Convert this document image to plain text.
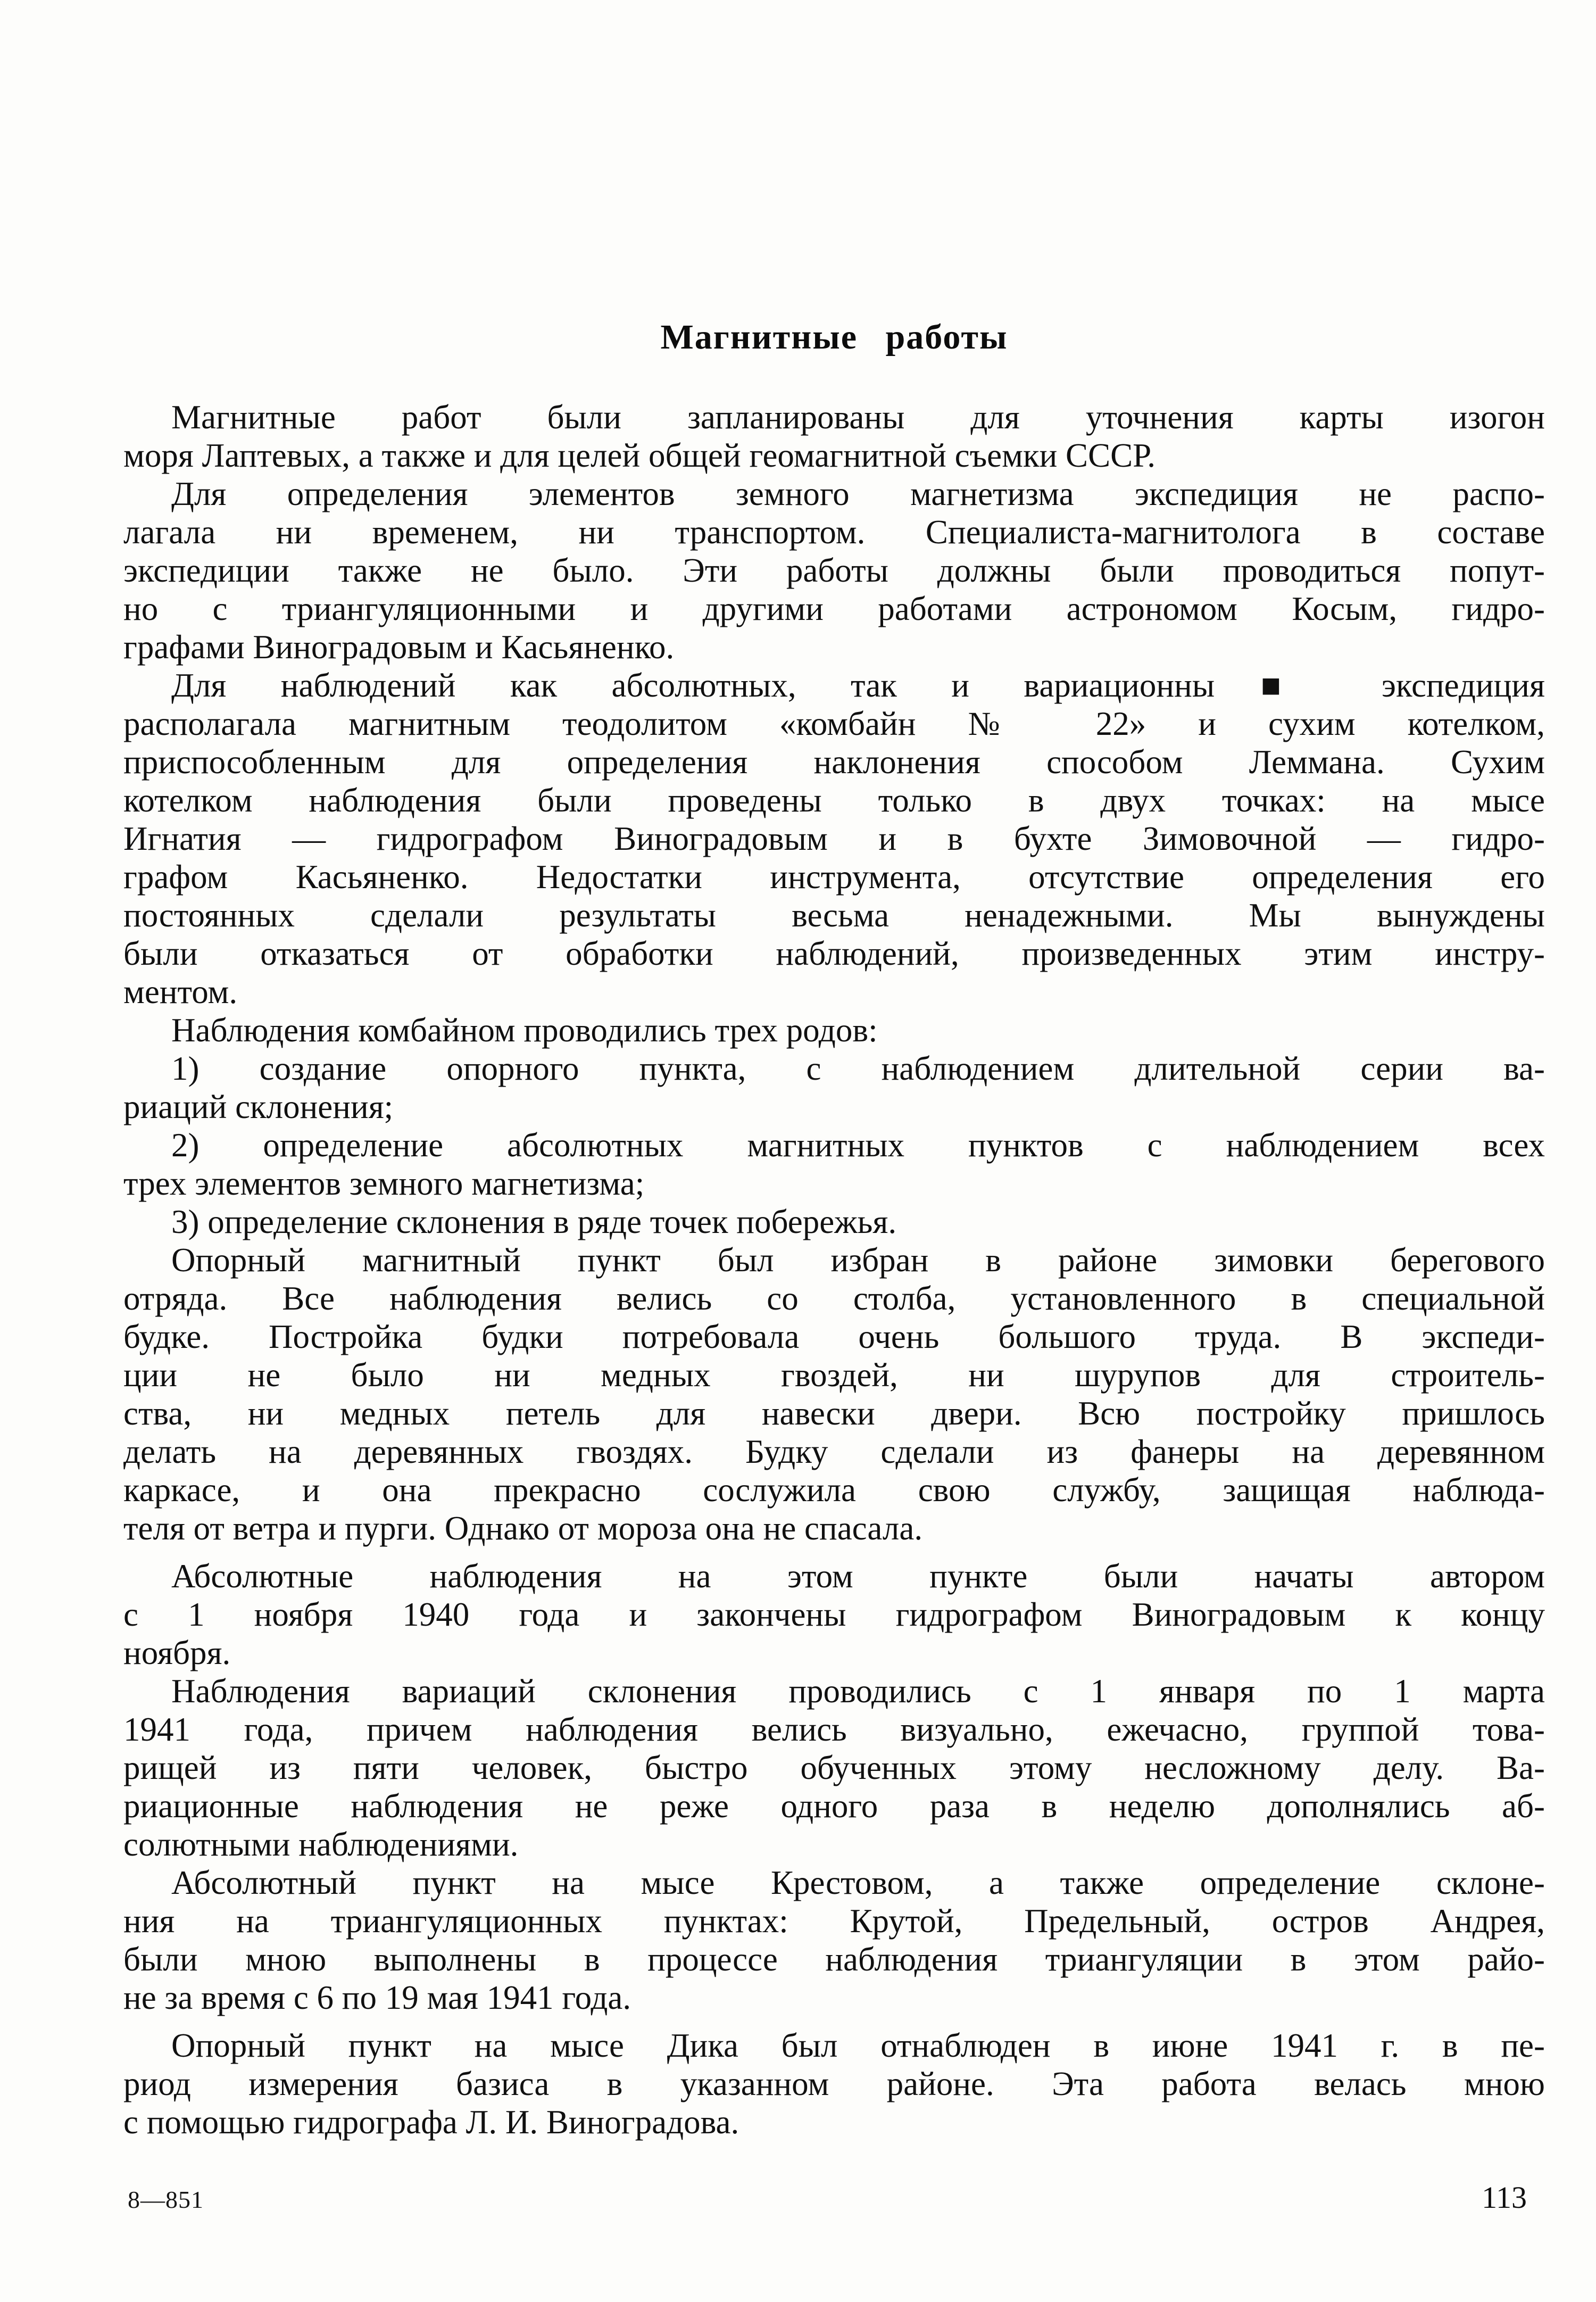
Магнитные работы
Магнитные работ были запланированы для уточнения карты изогон
моря Лаптевых, а также и для целей общей геомагнитной съемки СССР.
Для определения элементов земного магнетизма экспедиция не распо-
лагала ни временем, ни транспортом. Специалиста-магнитолога в составе
экспедиции также не было. Эти работы должны были проводиться попут-
но с триангуляционными и другими работами астрономом Косым, гидро-
графами Виноградовым и Касьяненко.
Для наблюдений как абсолютных, так и вариационны■ экспедиция
располагала магнитным теодолитом «комбайн № 22» и сухим котелком,
приспособленным для определения наклонения способом Леммана. Сухим
котелком наблюдения были проведены только в двух точках: на мысе
Игнатия — гидрографом Виноградовым и в бухте Зимовочной — гидро-
графом Касьяненко. Недостатки инструмента, отсутствие определения его
постоянных сделали результаты весьма ненадежными. Мы вынуждены
были отказаться от обработки наблюдений, произведенных этим инстру-
ментом.
Наблюдения комбайном проводились трех родов:
1) создание опорного пункта, с наблюдением длительной серии ва-
риаций склонения;
2) определение абсолютных магнитных пунктов с наблюдением всех
трех элементов земного магнетизма;
3) определение склонения в ряде точек побережья.
Опорный магнитный пункт был избран в районе зимовки берегового
отряда. Все наблюдения велись со столба, установленного в специальной
будке. Постройка будки потребовала очень большого труда. В экспеди-
ции не было ни медных гвоздей, ни шурупов для строитель-
ства, ни медных петель для навески двери. Всю постройку пришлось
делать на деревянных гвоздях. Будку сделали из фанеры на деревянном
каркасе, и она прекрасно сослужила свою службу, защищая наблюда-
теля от ветра и пурги. Однако от мороза она не спасала.
Абсолютные наблюдения на этом пункте были начаты автором
с 1 ноября 1940 года и закончены гидрографом Виноградовым к концу
ноября.
Наблюдения вариаций склонения проводились с 1 января по 1 марта
1941 года, причем наблюдения велись визуально, ежечасно, группой това-
рищей из пяти человек, быстро обученных этому несложному делу. Ва-
риационные наблюдения не реже одного раза в неделю дополнялись аб-
солютными наблюдениями.
Абсолютный пункт на мысе Крестовом, а также определение склоне-
ния на триангуляционных пунктах: Крутой, Предельный, остров Андрея,
были мною выполнены в процессе наблюдения триангуляции в этом райо-
не за время с 6 по 19 мая 1941 года.
Опорный пункт на мысе Дика был отнаблюден в июне 1941 г. в пе-
риод измерения базиса в указанном районе. Эта работа велась мною
с помощью гидрографа Л. И. Виноградова.
8—851	113
